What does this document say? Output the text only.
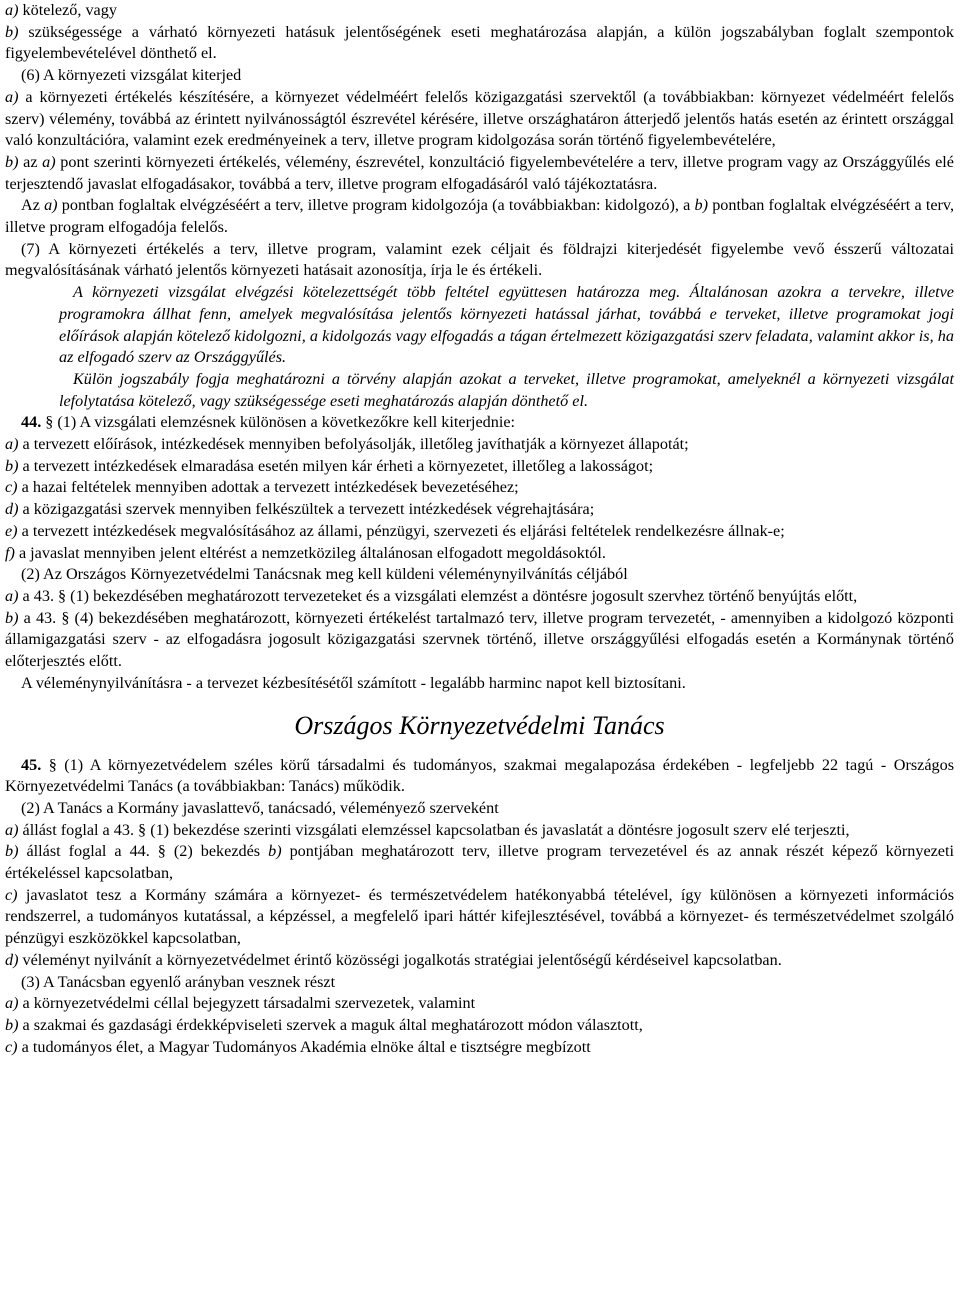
a) kötelező, vagy

b) szükségessége a várható környezeti hatásuk jelentőségének eseti meghatározása alapján, a külön jogszabályban foglalt szempontok figyelembevételével dönthető el.

(6) A környezeti vizsgálat kiterjed

a) a környezeti értékelés készítésére, a környezet védelméért felelős közigazgatási szervektől (a továbbiakban: környezet védelméért felelős szerv) vélemény, továbbá az érintett nyilvánosságtól észrevétel kérésére, illetve országhatáron átterjedő jelentős hatás esetén az érintett országgal való konzultációra, valamint ezek eredményeinek a terv, illetve program kidolgozása során történő figyelembevételére,

b) az a) pont szerinti környezeti értékelés, vélemény, észrevétel, konzultáció figyelembevételére a terv, illetve program vagy az Országgyűlés elé terjesztendő javaslat elfogadásakor, továbbá a terv, illetve program elfogadásáról való tájékoztatásra.

Az a) pontban foglaltak elvégzéséért a terv, illetve program kidolgozója (a továbbiakban: kidolgozó), a b) pontban foglaltak elvégzéséért a terv, illetve program elfogadója felelős.

(7) A környezeti értékelés a terv, illetve program, valamint ezek céljait és földrajzi kiterjedését figyelembe vevő ésszerű változatai megvalósításának várható jelentős környezeti hatásait azonosítja, írja le és értékeli.

A környezeti vizsgálat elvégzési kötelezettségét több feltétel együttesen határozza meg. Általánosan azokra a tervekre, illetve programokra állhat fenn, amelyek megvalósítása jelentős környezeti hatással járhat, továbbá e terveket, illetve programokat jogi előírások alapján kötelező kidolgozni, a kidolgozás vagy elfogadás a tágan értelmezett közigazgatási szerv feladata, valamint akkor is, ha az elfogadó szerv az Országgyűlés.

Külön jogszabály fogja meghatározni a törvény alapján azokat a terveket, illetve programokat, amelyeknél a környezeti vizsgálat lefolytatása kötelező, vagy szükségessége eseti meghatározás alapján dönthető el.

44. § (1) A vizsgálati elemzésnek különösen a következőkre kell kiterjednie:

a) a tervezett előírások, intézkedések mennyiben befolyásolják, illetőleg javíthatják a környezet állapotát;

b) a tervezett intézkedések elmaradása esetén milyen kár érheti a környezetet, illetőleg a lakosságot;

c) a hazai feltételek mennyiben adottak a tervezett intézkedések bevezetéséhez;

d) a közigazgatási szervek mennyiben felkészültek a tervezett intézkedések végrehajtására;

e) a tervezett intézkedések megvalósításához az állami, pénzügyi, szervezeti és eljárási feltételek rendelkezésre állnak-e;

f) a javaslat mennyiben jelent eltérést a nemzetközileg általánosan elfogadott megoldásoktól.

(2) Az Országos Környezetvédelmi Tanácsnak meg kell küldeni véleménynyilvánítás céljából

a) a 43. § (1) bekezdésében meghatározott tervezeteket és a vizsgálati elemzést a döntésre jogosult szervhez történő benyújtás előtt,

b) a 43. § (4) bekezdésében meghatározott, környezeti értékelést tartalmazó terv, illetve program tervezetét, - amennyiben a kidolgozó központi államigazgatási szerv - az elfogadásra jogosult közigazgatási szervnek történő, illetve országgyűlési elfogadás esetén a Kormánynak történő előterjesztés előtt.

A véleménynyilvánításra - a tervezet kézbesítésétől számított - legalább harminc napot kell biztosítani.

Országos Környezetvédelmi Tanács

45. § (1) A környezetvédelem széles körű társadalmi és tudományos, szakmai megalapozása érdekében - legfeljebb 22 tagú - Országos Környezetvédelmi Tanács (a továbbiakban: Tanács) működik.

(2) A Tanács a Kormány javaslattevő, tanácsadó, véleményező szerveként

a) állást foglal a 43. § (1) bekezdése szerinti vizsgálati elemzéssel kapcsolatban és javaslatát a döntésre jogosult szerv elé terjeszti,

b) állást foglal a 44. § (2) bekezdés b) pontjában meghatározott terv, illetve program tervezetével és az annak részét képező környezeti értékeléssel kapcsolatban,

c) javaslatot tesz a Kormány számára a környezet- és természetvédelem hatékonyabbá tételével, így különösen a környezeti információs rendszerrel, a tudományos kutatással, a képzéssel, a megfelelő ipari háttér kifejlesztésével, továbbá a környezet- és természetvédelmet szolgáló pénzügyi eszközökkel kapcsolatban,

d) véleményt nyilvánít a környezetvédelmet érintő közösségi jogalkotás stratégiai jelentőségű kérdéseivel kapcsolatban.

(3) A Tanácsban egyenlő arányban vesznek részt

a) a környezetvédelmi céllal bejegyzett társadalmi szervezetek, valamint

b) a szakmai és gazdasági érdekképviseleti szervek a maguk által meghatározott módon választott,

c) a tudományos élet, a Magyar Tudományos Akadémia elnöke által e tisztségre megbízott
